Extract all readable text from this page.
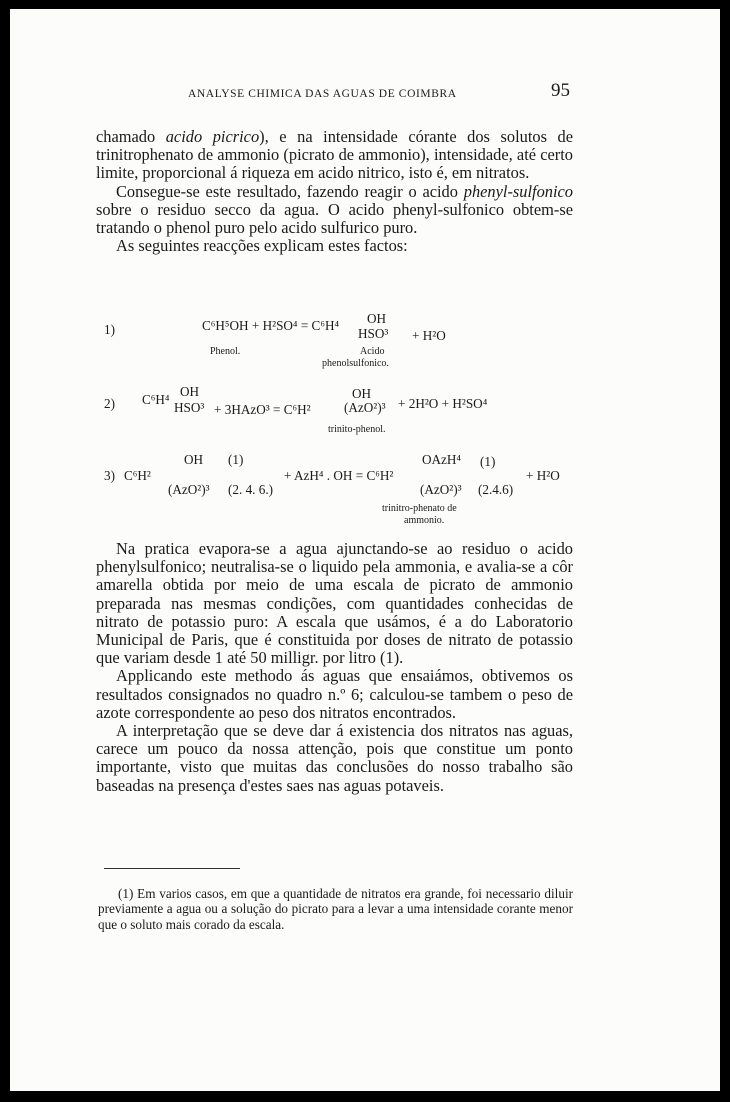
ANALYSE CHIMICA DAS AGUAS DE COIMBRA	95

chamado acido picrico), e na intensidade córante dos solutos de trinitrophenato de ammonio (picrato de ammonio), intensidade, até certo limite, proporcional á riqueza em acido nitrico, isto é, em nitratos.

Consegue-se este resultado, fazendo reagir o acido phenyl-sulfonico sobre o residuo secco da agua. O acido phenyl-sulfonico obtem-se tratando o phenol puro pelo acido sulfurico puro.

As seguintes reacções explicam estes factos:

1)	C⁶H⁵OH + H²SO⁴ = C⁶H⁴ OH
HSO³ + H²O
Phenol.	Acido
phenolsulfonico.
2) C⁶H⁴
OH
HSO³ + 3HAzO³ = C⁶H²
OH
(AzO²)³ + 2H²O + H²SO⁴
trinito-phenol.
3) C⁶H²
OH (1)
(AzO²)³ (2. 4. 6.)
+ AzH⁴ . OH = C⁶H²
OAzH⁴ (1)
(AzO²)³ (2.4.6)
+ H²O
trinitro-phenato de
ammonio.

Na pratica evapora-se a agua ajunctando-se ao residuo o acido phenylsulfonico; neutralisa-se o liquido pela ammonia, e avalia-se a côr amarella obtida por meio de uma escala de picrato de ammonio preparada nas mesmas condições, com quantidades conhecidas de nitrato de potassio puro: A escala que usámos, é a do Laboratorio Municipal de Paris, que é constituida por doses de nitrato de potassio que variam desde 1 até 50 milligr. por litro (1).

Applicando este methodo ás aguas que ensaiámos, obtivemos os resultados consignados no quadro n.º 6; calculou-se tambem o peso de azote correspondente ao peso dos nitratos encontrados.

A interpretação que se deve dar á existencia dos nitratos nas aguas, carece um pouco da nossa attenção, pois que constitue um ponto importante, visto que muitas das conclusões do nosso trabalho são baseadas na presença d'estes saes nas aguas potaveis.

(1) Em varios casos, em que a quantidade de nitratos era grande, foi necessario diluir previamente a agua ou a solução do picrato para a levar a uma intensidade corante menor que o soluto mais corado da escala.
